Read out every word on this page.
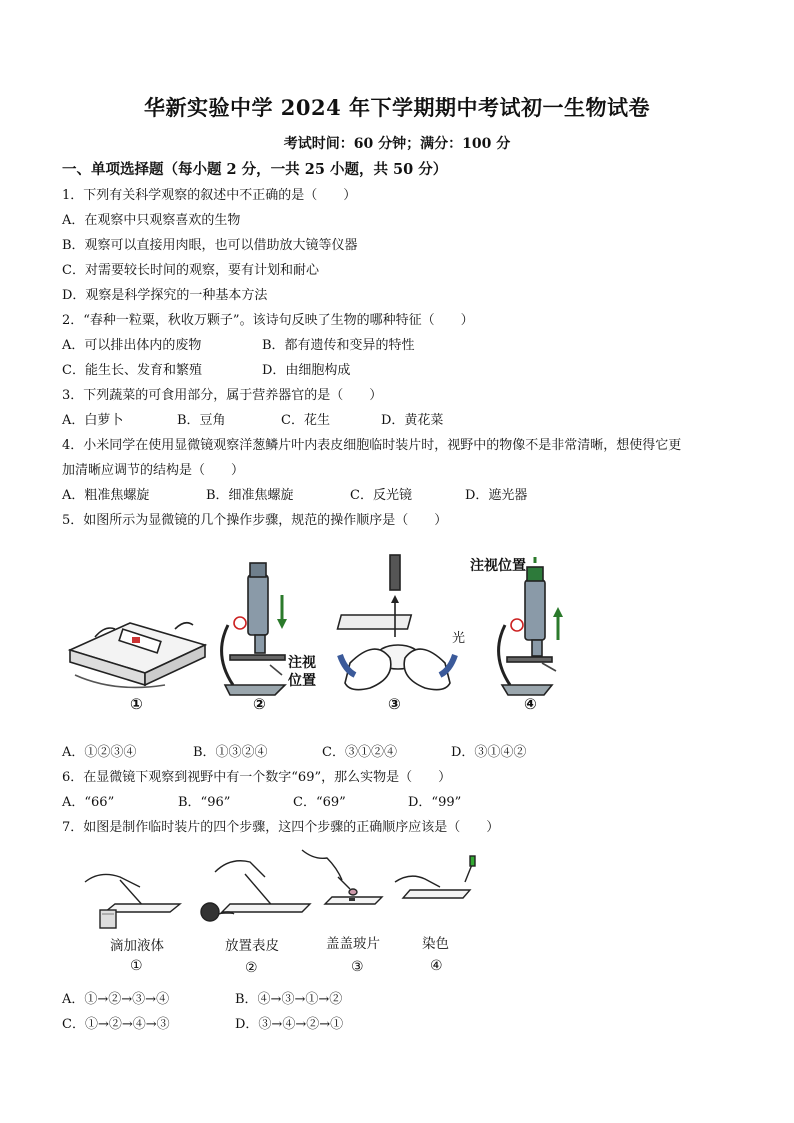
华新实验中学 2024 年下学期期中考试初一生物试卷
考试时间：60 分钟；满分：100 分
一、单项选择题（每小题 2 分，一共 25 小题，共 50 分）
1．下列有关科学观察的叙述中不正确的是（　　）
A．在观察中只观察喜欢的生物
B．观察可以直接用肉眼，也可以借助放大镜等仪器
C．对需要较长时间的观察，要有计划和耐心
D．观察是科学探究的一种基本方法
2．“春种一粒粟，秋收万颗子”。该诗句反映了生物的哪种特征（　　）
A．可以排出体内的废物	B．都有遗传和变异的特性
C．能生长、发育和繁殖	D．由细胞构成
3．下列蔬菜的可食用部分，属于营养器官的是（　　）
A．白萝卜	B．豆角	C．花生	D．黄花菜
4．小米同学在使用显微镜观察洋葱鳞片叶内表皮细胞临时装片时，视野中的物像不是非常清晰，想使得它更
加清晰应调节的结构是（　　）
A．粗准焦螺旋	B．细准焦螺旋	C．反光镜	D．遮光器
5．如图所示为显微镜的几个操作步骤，规范的操作顺序是（　　）
注视位置
注视
位置
光
①	②	③	④
A．①②③④	B．①③②④	C．③①②④	D．③①④②
6．在显微镜下观察到视野中有一个数字“69”，那么实物是（　　）
A．“66”	B．“96”	C．“69”	D．“99”
7．如图是制作临时装片的四个步骤，这四个步骤的正确顺序应该是（　　）
滴加液体	放置表皮	盖盖玻片	染色
①	②	③	④
A．①→②→③→④	B．④→③→①→②
C．①→②→④→③	D．③→④→②→①
